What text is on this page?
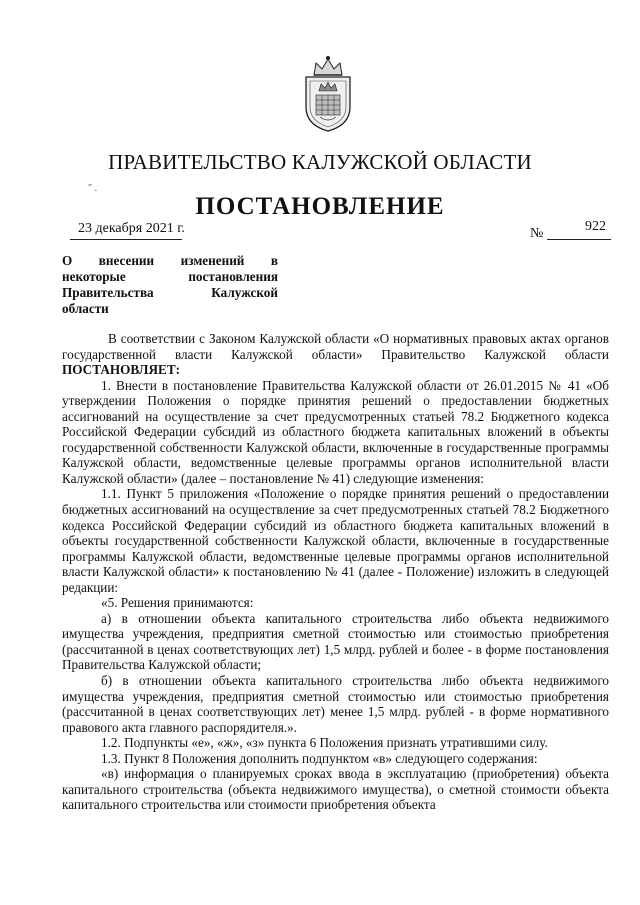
ПРАВИТЕЛЬСТВО КАЛУЖСКОЙ ОБЛАСТИ
" .
ПОСТАНОВЛЕНИЕ
23 декабря 2021 г.	№	922
О внесении изменений в
некоторые постановления
Правительства Калужской
области

В соответствии с Законом Калужской области «О нормативных правовых актах органов государственной власти Калужской области» Правительство Калужской области ПОСТАНОВЛЯЕТ:

1. Внести в постановление Правительства Калужской области от 26.01.2015 № 41 «Об утверждении Положения о порядке принятия решений о предоставлении бюджетных ассигнований на осуществление за счет предусмотренных статьей 78.2 Бюджетного кодекса Российской Федерации субсидий из областного бюджета капитальных вложений в объекты государственной собственности Калужской области, включенные в государственные программы Калужской области, ведомственные целевые программы органов исполнительной власти Калужской области» (далее – постановление № 41) следующие изменения:

1.1. Пункт 5 приложения «Положение о порядке принятия решений о предоставлении бюджетных ассигнований на осуществление за счет предусмотренных статьей 78.2 Бюджетного кодекса Российской Федерации субсидий из областного бюджета капитальных вложений в объекты государственной собственности Калужской области, включенные в государственные программы Калужской области, ведомственные целевые программы органов исполнительной власти Калужской области» к постановлению № 41 (далее - Положение) изложить в следующей редакции:

«5. Решения принимаются:

а) в отношении объекта капитального строительства либо объекта недвижимого имущества учреждения, предприятия сметной стоимостью или стоимостью приобретения (рассчитанной в ценах соответствующих лет) 1,5 млрд. рублей и более - в форме постановления Правительства Калужской области;

б) в отношении объекта капитального строительства либо объекта недвижимого имущества учреждения, предприятия сметной стоимостью или стоимостью приобретения (рассчитанной в ценах соответствующих лет) менее 1,5 млрд. рублей - в форме нормативного правового акта главного распорядителя.».

1.2. Подпункты «е», «ж», «з» пункта 6 Положения признать утратившими силу.

1.3. Пункт 8 Положения дополнить подпунктом «в» следующего содержания:

«в) информация о планируемых сроках ввода в эксплуатацию (приобретения) объекта капитального строительства (объекта недвижимого имущества), о сметной стоимости объекта капитального строительства или стоимости приобретения объекта
